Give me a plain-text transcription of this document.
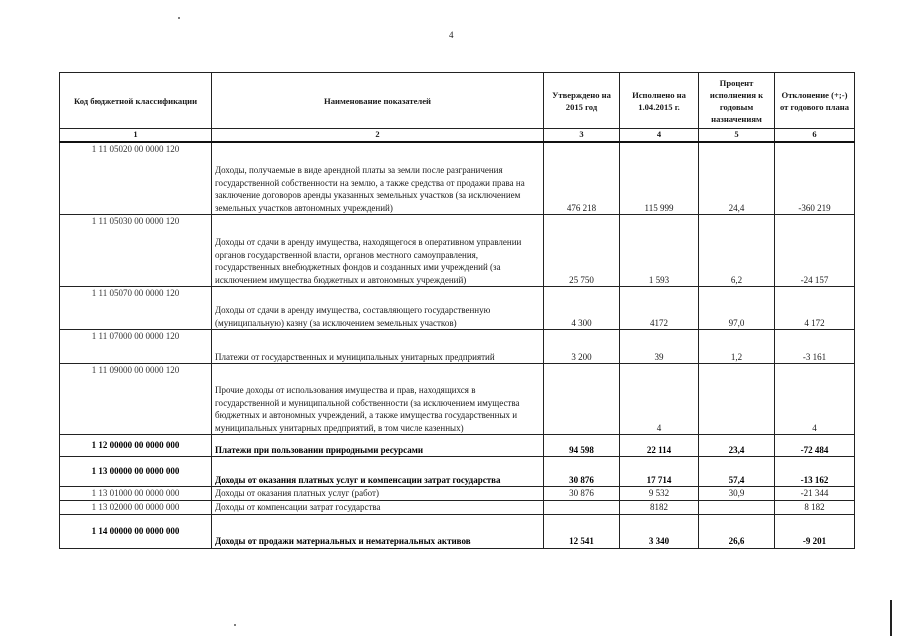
4
Код бюджетной классификации	Наименование показателей	Утверждено на 2015 год	Исполнено на 1.04.2015 г.	Процент исполнения к годовым назначениям	Отклонение (+;-) от годового плана
1	2	3	4	5	6
1 11 05020 00 0000 120	Доходы, получаемые в виде арендной платы за земли после разграничения государственной собственности на землю, а также средства от продажи права на заключение договоров аренды указанных земельных участков (за исключением земельных участков автономных учреждений)	476 218	115 999	24,4	-360 219
1 11 05030 00 0000 120	Доходы от сдачи в аренду имущества, находящегося в оперативном управлении органов государственной власти, органов местного самоуправления, государственных внебюджетных фондов и созданных ими учреждений (за исключением имущества бюджетных и автономных учреждений)	25 750	1 593	6,2	-24 157
1 11 05070 00 0000 120	Доходы от сдачи в аренду имущества, составляющего государственную (муниципальную) казну (за исключением земельных участков)	4 300	4172	97,0	4 172
1 11 07000 00 0000 120	Платежи от государственных и муниципальных унитарных предприятий	3 200	39	1,2	-3 161
1 11 09000 00 0000 120	Прочие доходы от использования имущества и прав, находящихся в государственной и муниципальной собственности (за исключением имущества бюджетных и автономных учреждений, а также имущества государственных и муниципальных унитарных предприятий, в том числе казенных)		4		4
1 12 00000 00 0000 000	Платежи при пользовании природными ресурсами	94 598	22 114	23,4	-72 484
1 13 00000 00 0000 000	Доходы от оказания платных услуг и компенсации затрат государства	30 876	17 714	57,4	-13 162
1 13 01000 00 0000 000	Доходы от оказания платных услуг (работ)	30 876	9 532	30,9	-21 344
1 13 02000 00 0000 000	Доходы от компенсации затрат государства		8182		8 182
1 14 00000 00 0000 000	Доходы от продажи материальных и нематериальных активов	12 541	3 340	26,6	-9 201
